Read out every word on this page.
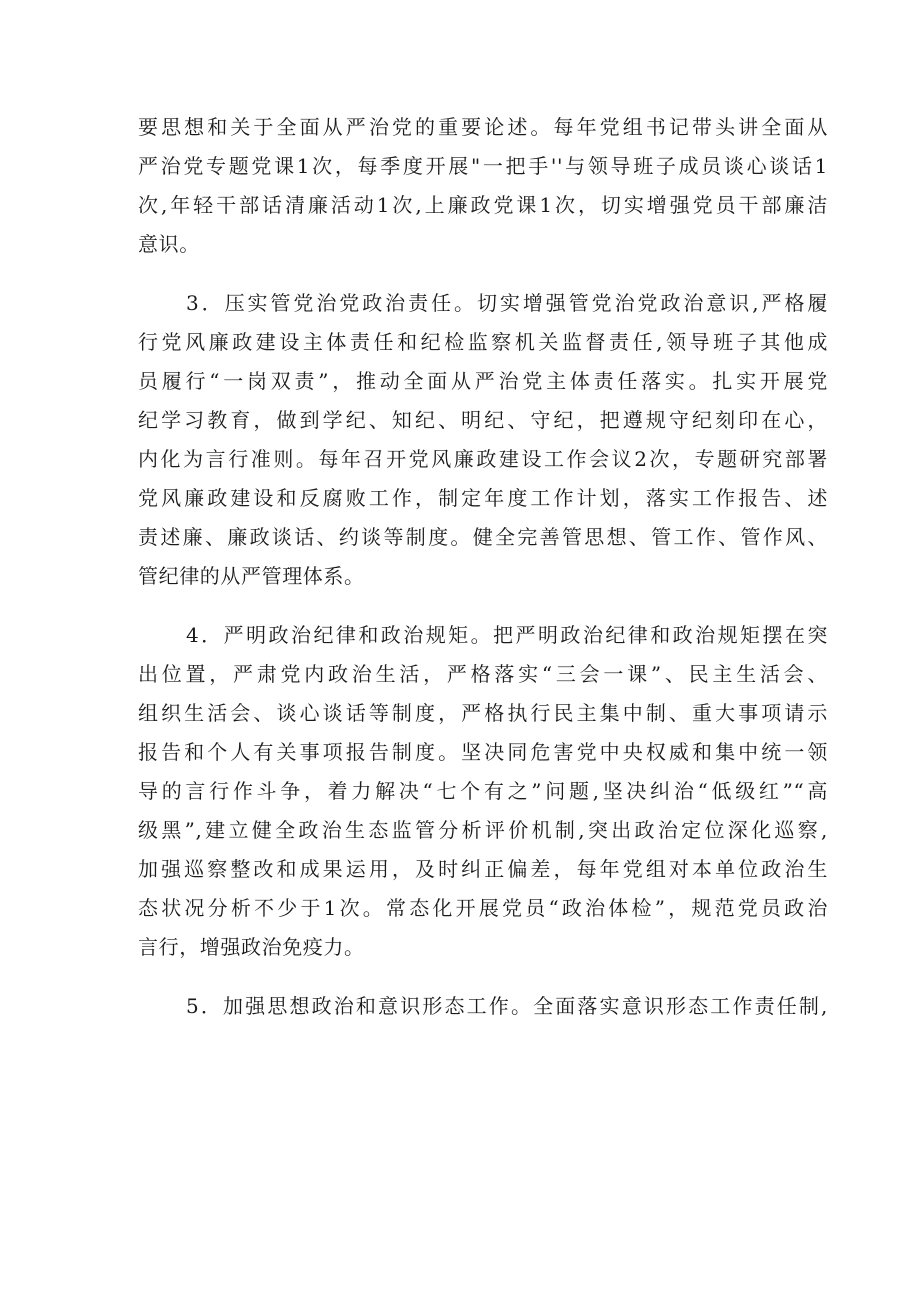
要思想和关于全面从严治党的重要论述。每年党组书记带头讲全面从
严治党专题党课1次，每季度开展"一把手''与领导班子成员谈心谈话1
次,年轻干部话清廉活动1次,上廉政党课1次，切实增强党员干部廉洁
意识。
3．压实管党治党政治责任。切实增强管党治党政治意识,严格履
行党风廉政建设主体责任和纪检监察机关监督责任,领导班子其他成
员履行“一岗双责”，推动全面从严治党主体责任落实。扎实开展党
纪学习教育，做到学纪、知纪、明纪、守纪，把遵规守纪刻印在心，
内化为言行准则。每年召开党风廉政建设工作会议2次，专题研究部署
党风廉政建设和反腐败工作，制定年度工作计划，落实工作报告、述
责述廉、廉政谈话、约谈等制度。健全完善管思想、管工作、管作风、
管纪律的从严管理体系。
4．严明政治纪律和政治规矩。把严明政治纪律和政治规矩摆在突
出位置，严肃党内政治生活，严格落实“三会一课”、民主生活会、
组织生活会、谈心谈话等制度，严格执行民主集中制、重大事项请示
报告和个人有关事项报告制度。坚决同危害党中央权威和集中统一领
导的言行作斗争，着力解决“七个有之”问题,坚决纠治“低级红”“高
级黑”,建立健全政治生态监管分析评价机制,突出政治定位深化巡察,
加强巡察整改和成果运用，及时纠正偏差，每年党组对本单位政治生
态状况分析不少于1次。常态化开展党员“政治体检”，规范党员政治
言行，增强政治免疫力。
5．加强思想政治和意识形态工作。全面落实意识形态工作责任制,
